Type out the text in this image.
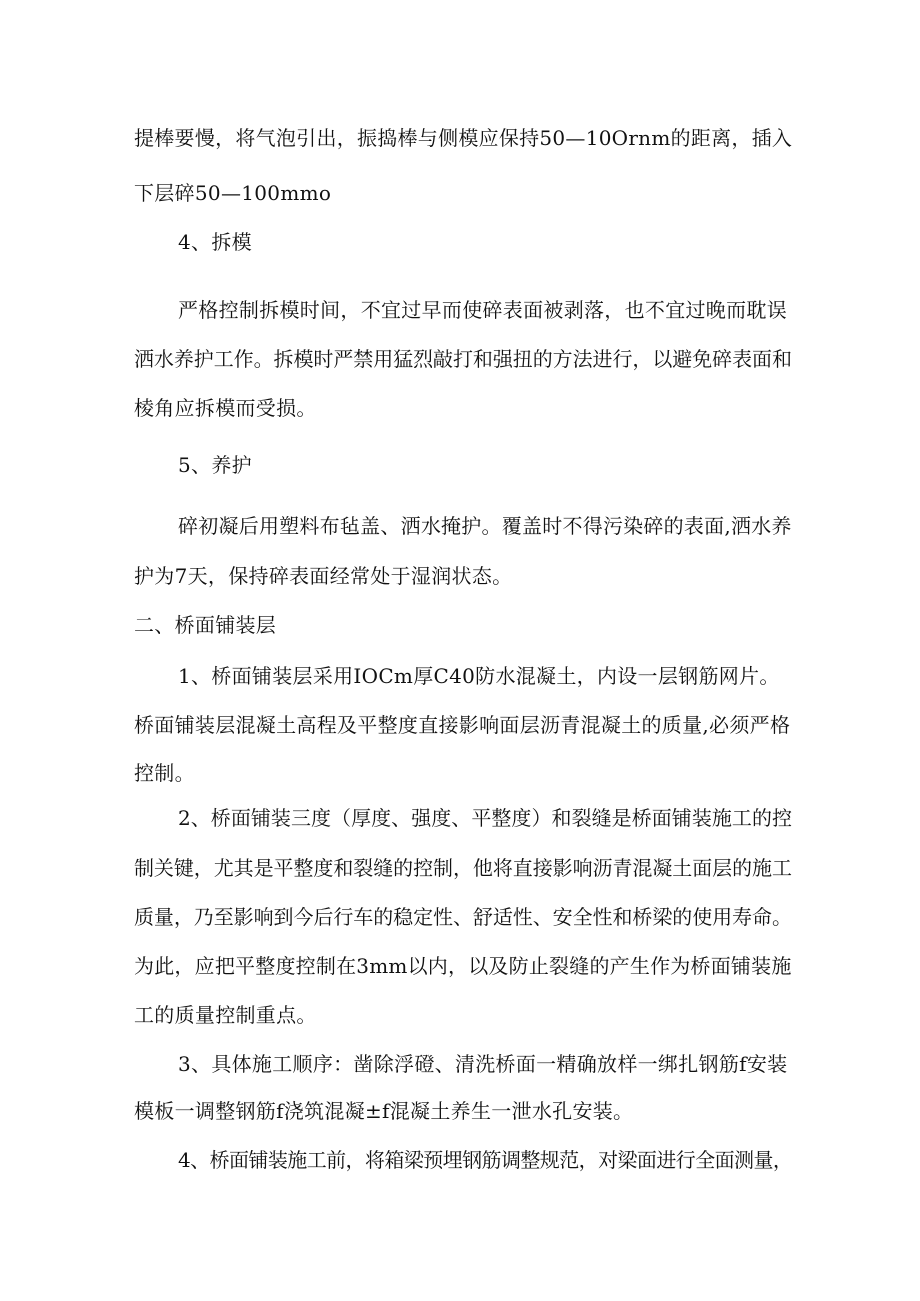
提棒要慢，将气泡引出，振捣棒与侧模应保持50—10Ornm的距离，插入
下层碎50—100mmo
4、拆模
严格控制拆模时间，不宜过早而使碎表面被剥落，也不宜过晚而耽误
洒水养护工作。拆模时严禁用猛烈敲打和强扭的方法进行，以避免碎表面和
棱角应拆模而受损。
5、养护
碎初凝后用塑料布毡盖、洒水掩护。覆盖时不得污染碎的表面,洒水养
护为7天，保持碎表面经常处于湿润状态。
二、桥面铺装层
1、桥面铺装层采用IOCm厚C40防水混凝土，内设一层钢筋网片。
桥面铺装层混凝土高程及平整度直接影响面层沥青混凝土的质量,必须严格
控制。
2、桥面铺装三度（厚度、强度、平整度）和裂缝是桥面铺装施工的控
制关键，尤其是平整度和裂缝的控制，他将直接影响沥青混凝土面层的施工
质量，乃至影响到今后行车的稳定性、舒适性、安全性和桥梁的使用寿命。
为此，应把平整度控制在3mm以内，以及防止裂缝的产生作为桥面铺装施
工的质量控制重点。
3、具体施工顺序：凿除浮磴、清洗桥面一精确放样一绑扎钢筋f安装
模板一调整钢筋f浇筑混凝±f混凝土养生一泄水孔安装。
4、桥面铺装施工前，将箱梁预埋钢筋调整规范，对梁面进行全面测量，
